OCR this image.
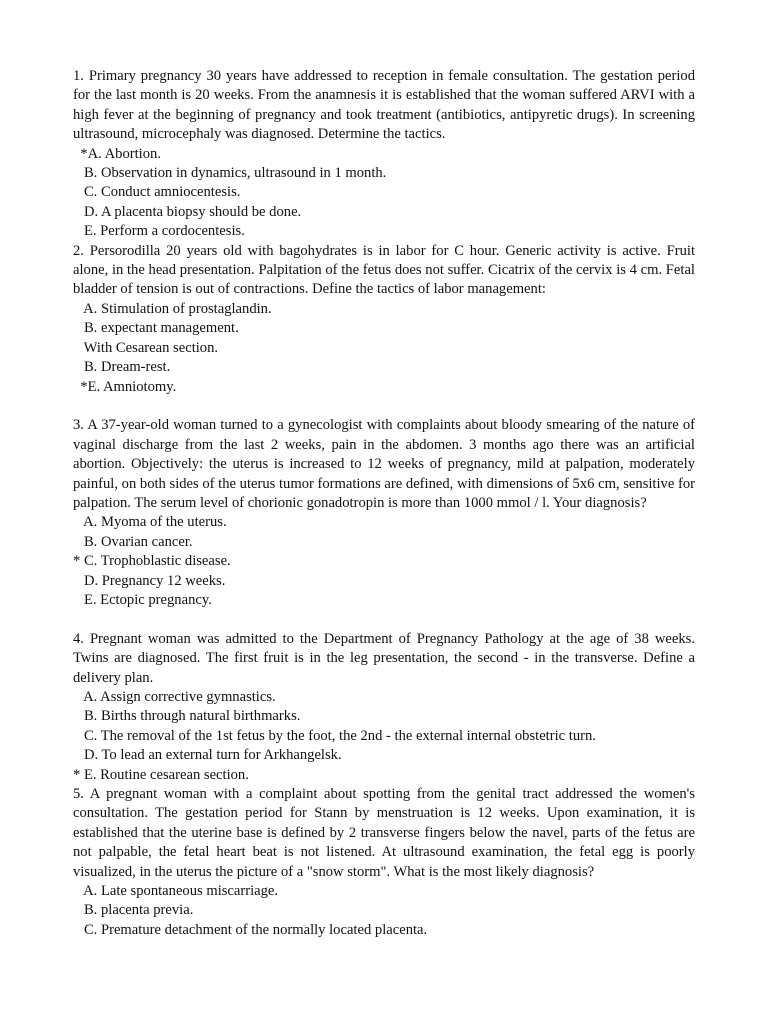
1. Primary pregnancy 30 years have addressed to reception in female consultation. The gestation period for the last month is 20 weeks. From the anamnesis it is established that the woman suffered ARVI with a high fever at the beginning of pregnancy and took treatment (antibiotics, antipyretic drugs). In screening ultrasound, microcephaly was diagnosed. Determine the tactics.

*A. Abortion.

B. Observation in dynamics, ultrasound in 1 month.

C. Conduct amniocentesis.

D. A placenta biopsy should be done.

E. Perform a cordocentesis.

2. Persorodilla 20 years old with bagohydrates is in labor for C hour. Generic activity is active. Fruit alone, in the head presentation. Palpitation of the fetus does not suffer. Cicatrix of the cervix is 4 cm. Fetal bladder of tension is out of contractions. Define the tactics of labor management:

A. Stimulation of prostaglandin.

B. expectant management.

With Cesarean section.

B. Dream-rest.

*E. Amniotomy.

3. A 37-year-old woman turned to a gynecologist with complaints about bloody smearing of the nature of vaginal discharge from the last 2 weeks, pain in the abdomen. 3 months ago there was an artificial abortion. Objectively: the uterus is increased to 12 weeks of pregnancy, mild at palpation, moderately painful, on both sides of the uterus tumor formations are defined, with dimensions of 5x6 cm, sensitive for palpation. The serum level of chorionic gonadotropin is more than 1000 mmol / l. Your diagnosis?

A. Myoma of the uterus.

B. Ovarian cancer.

* C. Trophoblastic disease.

D. Pregnancy 12 weeks.

E. Ectopic pregnancy.

4. Pregnant woman was admitted to the Department of Pregnancy Pathology at the age of 38 weeks. Twins are diagnosed. The first fruit is in the leg presentation, the second - in the transverse. Define a delivery plan.

A. Assign corrective gymnastics.

B. Births through natural birthmarks.

C. The removal of the 1st fetus by the foot, the 2nd - the external internal obstetric turn.

D. To lead an external turn for Arkhangelsk.

* E. Routine cesarean section.

5. A pregnant woman with a complaint about spotting from the genital tract addressed the women's consultation. The gestation period for Stann by menstruation is 12 weeks. Upon examination, it is established that the uterine base is defined by 2 transverse fingers below the navel, parts of the fetus are not palpable, the fetal heart beat is not listened. At ultrasound examination, the fetal egg is poorly visualized, in the uterus the picture of a "snow storm". What is the most likely diagnosis?

A. Late spontaneous miscarriage.

B. placenta previa.

C. Premature detachment of the normally located placenta.
